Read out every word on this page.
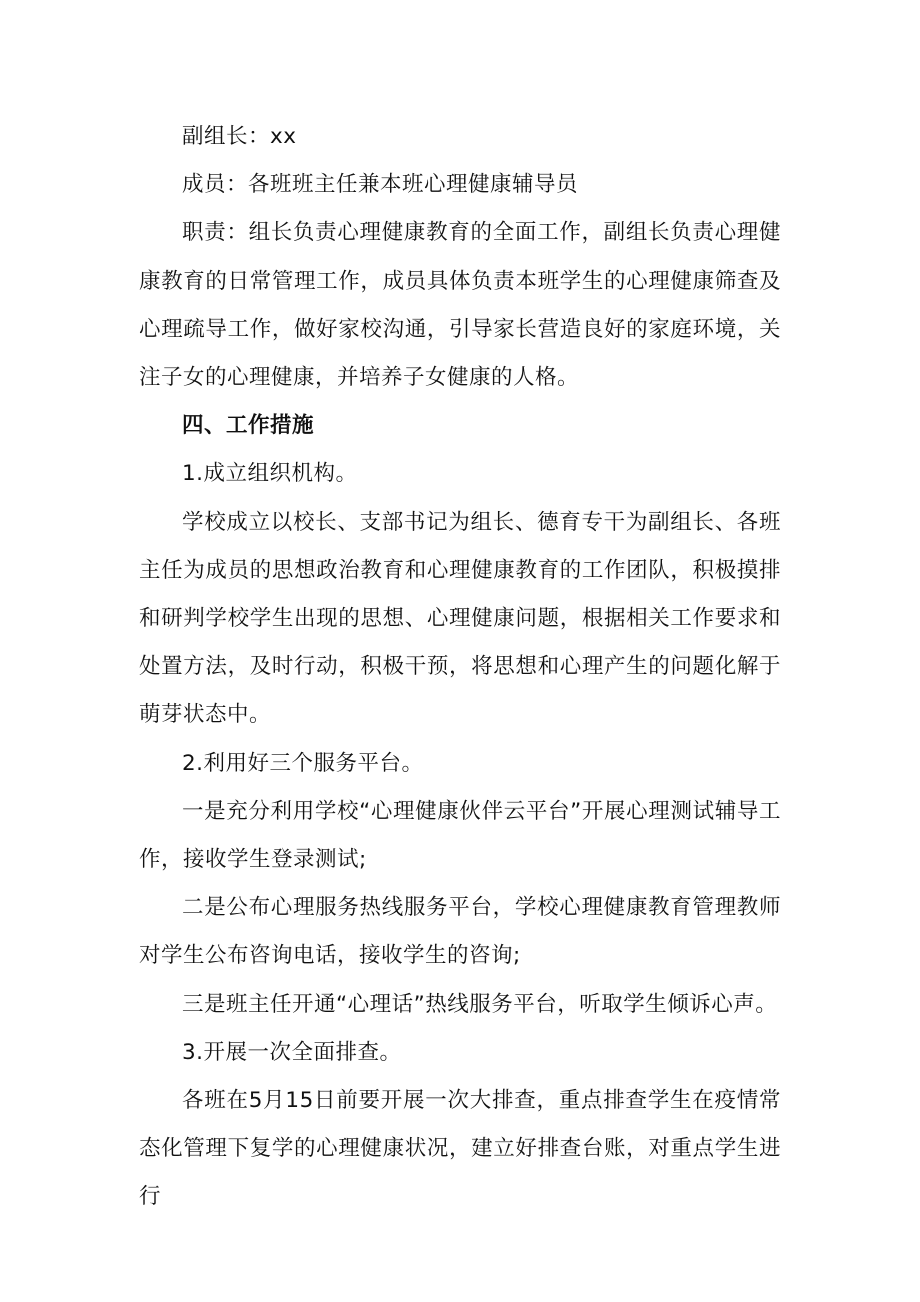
副组长：xx

成员：各班班主任兼本班心理健康辅导员

职责：组长负责心理健康教育的全面工作，副组长负责心理健康教育的日常管理工作，成员具体负责本班学生的心理健康筛查及心理疏导工作，做好家校沟通，引导家长营造良好的家庭环境，关注子女的心理健康，并培养子女健康的人格。

四、工作措施

1.成立组织机构。

学校成立以校长、支部书记为组长、德育专干为副组长、各班主任为成员的思想政治教育和心理健康教育的工作团队，积极摸排和研判学校学生出现的思想、心理健康问题，根据相关工作要求和处置方法，及时行动，积极干预，将思想和心理产生的问题化解于萌芽状态中。

2.利用好三个服务平台。

一是充分利用学校“心理健康伙伴云平台”开展心理测试辅导工作，接收学生登录测试;

二是公布心理服务热线服务平台，学校心理健康教育管理教师对学生公布咨询电话，接收学生的咨询;

三是班主任开通“心理话”热线服务平台，听取学生倾诉心声。

3.开展一次全面排查。

各班在5月15日前要开展一次大排查，重点排查学生在疫情常态化管理下复学的心理健康状况，建立好排查台账，对重点学生进行
